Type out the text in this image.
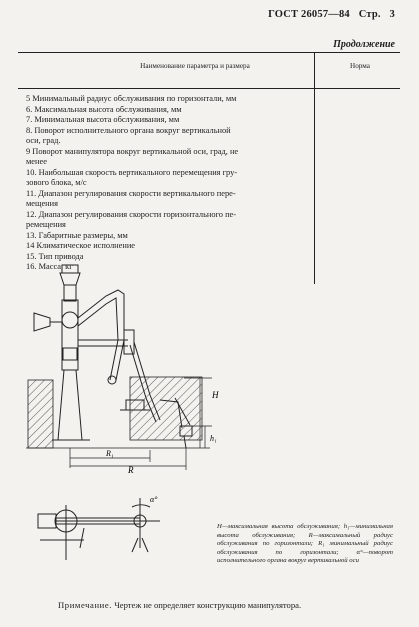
ГОСТ 26057—84 Стр. 3
Продолжение
Наименование параметра и размера	Норма
5 Минимальный радиус обслуживания по горизонтали, мм
6. Максимальная высота обслуживания, мм
7. Минимальная высота обслуживания, мм
8. Поворот исполнительного органа вокруг вертикальной
оси, град.
9 Поворот манипулятора вокруг вертикальной оси, град, не
менее
10. Наибольшая скорость вертикального перемещения гру-
зового блока, м/с
11. Диапазон регулирования скорости вертикального пере-
мещения
12. Диапазон регулирования скорости горизонтального пе-
ремещения
13. Габаритные размеры, мм
14 Климатическое исполнение
15. Тип привода
16. Масса, кг
H
h₁
R₁
R
α°
H—максимальная высота обслуживания; h₁—минимальная высота обслуживания; R—максимальный радиус обслуживания по горизонтали; R₁ минимальный радиус обслуживания по горизонтали; α°—поворот исполнительного органа вокруг вертикальной оси
Примечание. Чертеж не определяет конструкцию манипулятора.
